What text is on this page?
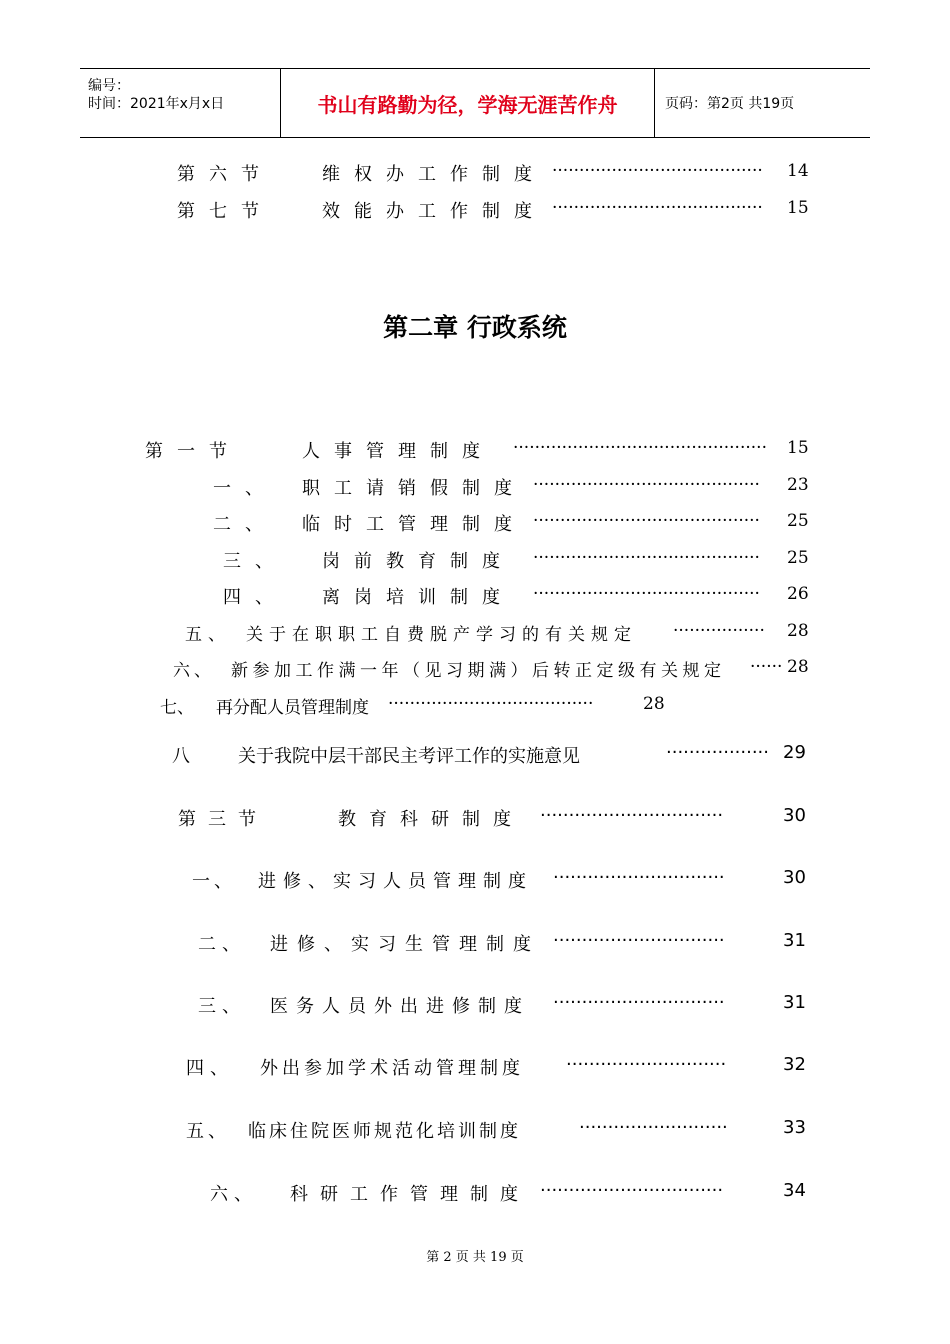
编号：
时间：2021年x月x日	书山有路勤为径，学海无涯苦作舟	页码：第2页 共19页
第六节	维权办工作制度 ······································· 14
第七节	效能办工作制度 ······································· 15
第二章 行政系统
第一节	人事管理制度 ··············································· 15
一、 职工请销假制度 ·········································· 23
二、 临时工管理制度 ·········································· 25
三、 岗前教育制度 ·········································· 25
四、 离岗培训制度 ·········································· 26
五、 关于在职职工自费脱产学习的有关规定 ················· 28
六、 新参加工作满一年（见习期满）后转正定级有关规定 ······ 28
七、 再分配人员管理制度 ······································	28
八	关于我院中层干部民主考评工作的实施意见	·················· 29
第三节	教育科研制度 ································	30
一、 进修、实习人员管理制度 ······························	30
二、 进修、实习生管理制度 ······························	31
三、 医务人员外出进修制度 ······························	31
四、 外出参加学术活动管理制度 ····························	32
五、 临床住院医师规范化培训制度	··························	33
六、 科研工作管理制度 ································	34
第 2 页 共 19 页
